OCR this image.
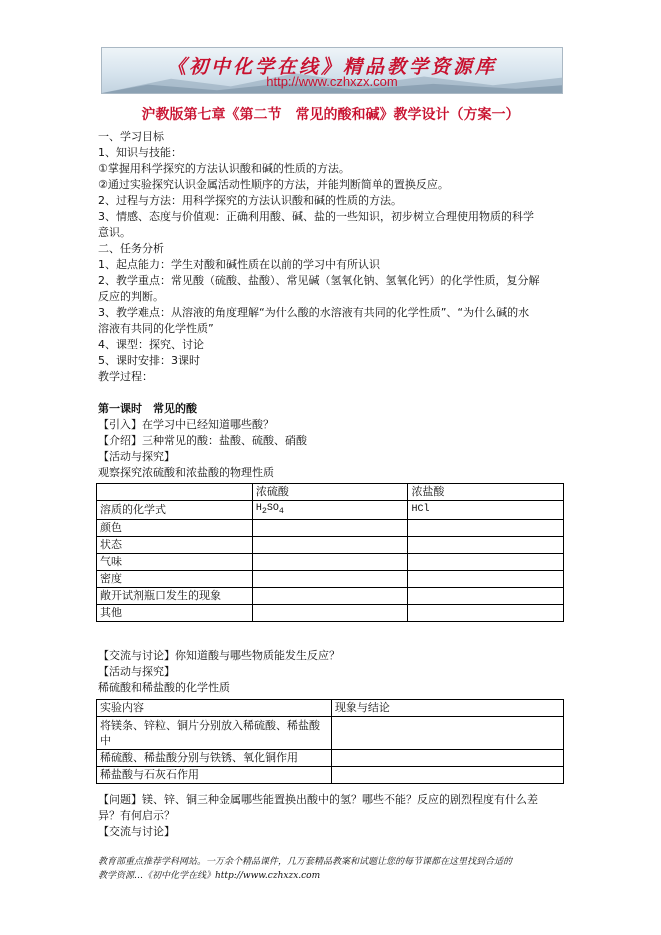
《初中化学在线》精品教学资源库
http://www.czhxzx.com
沪教版第七章《第二节　常见的酸和碱》教学设计（方案一）
一、学习目标
1、知识与技能：
①掌握用科学探究的方法认识酸和碱的性质的方法。
②通过实验探究认识金属活动性顺序的方法，并能判断简单的置换反应。
2、过程与方法：用科学探究的方法认识酸和碱的性质的方法。
3、情感、态度与价值观：正确利用酸、碱、盐的一些知识，初步树立合理使用物质的科学
意识。
二、任务分析
1、起点能力：学生对酸和碱性质在以前的学习中有所认识
2、教学重点：常见酸（硫酸、盐酸）、常见碱（氢氧化钠、氢氧化钙）的化学性质，复分解
反应的判断。
3、教学难点：从溶液的角度理解“为什么酸的水溶液有共同的化学性质”、“为什么碱的水
溶液有共同的化学性质”
4、课型：探究、讨论
5、课时安排：3课时
教学过程：
第一课时　常见的酸
【引入】在学习中已经知道哪些酸？
【介绍】三种常见的酸：盐酸、硫酸、硝酸
【活动与探究】
观察探究浓硫酸和浓盐酸的物理性质
	浓硫酸	浓盐酸
溶质的化学式	$H_2SO_4$	HCl
颜色		
状态		
气味		
密度		
敞开试剂瓶口发生的现象		
其他		
【交流与讨论】你知道酸与哪些物质能发生反应？
【活动与探究】
稀硫酸和稀盐酸的化学性质
实验内容	现象与结论
将镁条、锌粒、铜片分别放入稀硫酸、稀盐酸中	
稀硫酸、稀盐酸分别与铁锈、氧化铜作用	
稀盐酸与石灰石作用	
【问题】镁、锌、铜三种金属哪些能置换出酸中的氢？哪些不能？反应的剧烈程度有什么差
异？有何启示？
【交流与讨论】
教育部重点推荐学科网站。一万余个精品课件，几万套精品教案和试题让您的每节课都在这里找到合适的
教学资源…《初中化学在线》http://www.czhxzx.com
